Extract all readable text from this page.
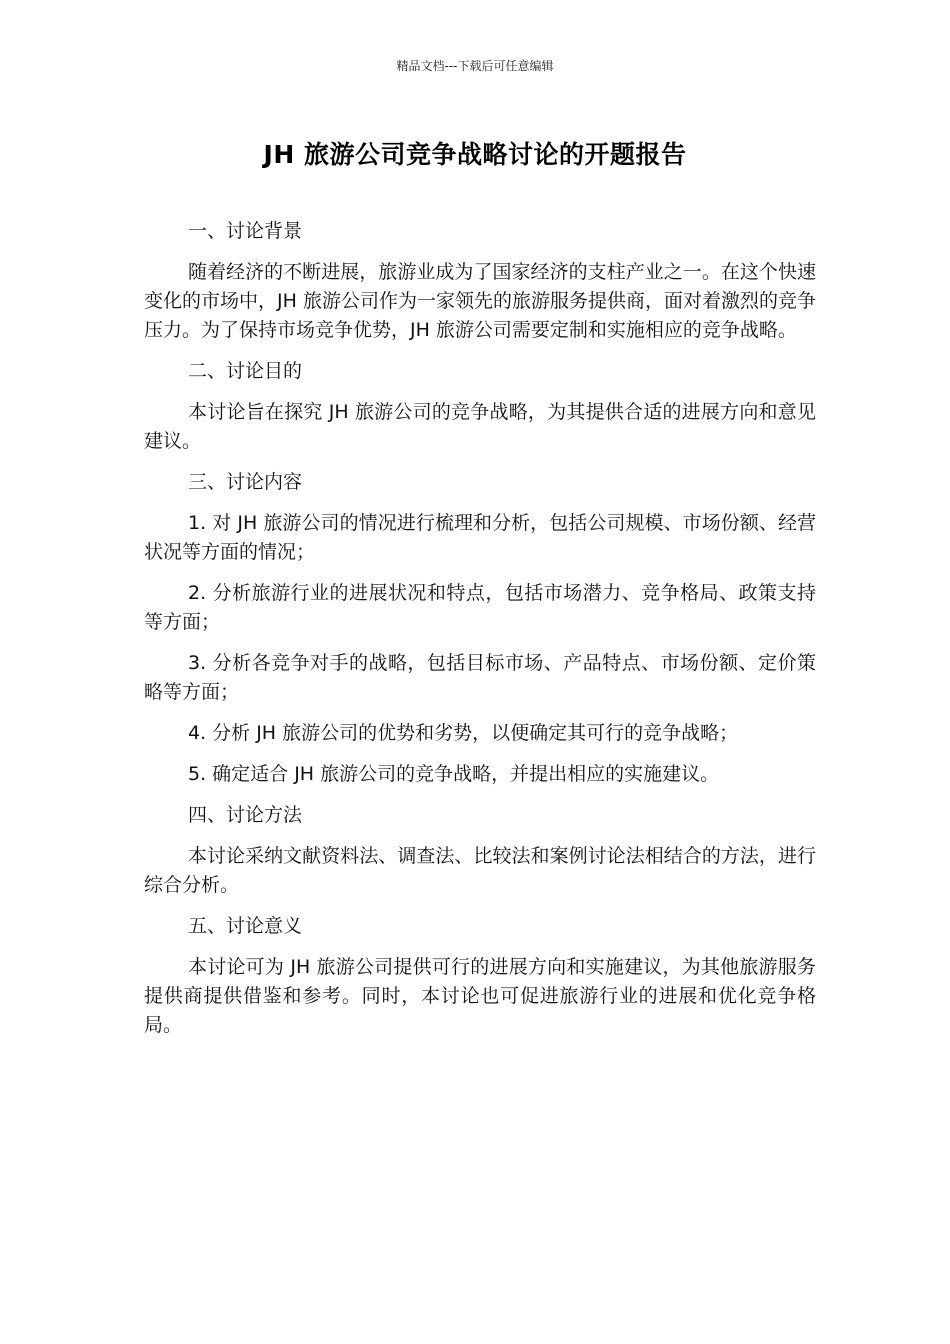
精品文档---下载后可任意编辑
JH 旅游公司竞争战略讨论的开题报告
一、讨论背景
随着经济的不断进展，旅游业成为了国家经济的支柱产业之一。在这个快速变化的市场中，JH 旅游公司作为一家领先的旅游服务提供商，面对着激烈的竞争压力。为了保持市场竞争优势，JH 旅游公司需要定制和实施相应的竞争战略。
二、讨论目的
本讨论旨在探究 JH 旅游公司的竞争战略，为其提供合适的进展方向和意见建议。
三、讨论内容
1. 对 JH 旅游公司的情况进行梳理和分析，包括公司规模、市场份额、经营状况等方面的情况；
2. 分析旅游行业的进展状况和特点，包括市场潜力、竞争格局、政策支持等方面；
3. 分析各竞争对手的战略，包括目标市场、产品特点、市场份额、定价策略等方面；
4. 分析 JH 旅游公司的优势和劣势，以便确定其可行的竞争战略；
5. 确定适合 JH 旅游公司的竞争战略，并提出相应的实施建议。
四、讨论方法
本讨论采纳文献资料法、调查法、比较法和案例讨论法相结合的方法，进行综合分析。
五、讨论意义
本讨论可为 JH 旅游公司提供可行的进展方向和实施建议，为其他旅游服务提供商提供借鉴和参考。同时，本讨论也可促进旅游行业的进展和优化竞争格局。
